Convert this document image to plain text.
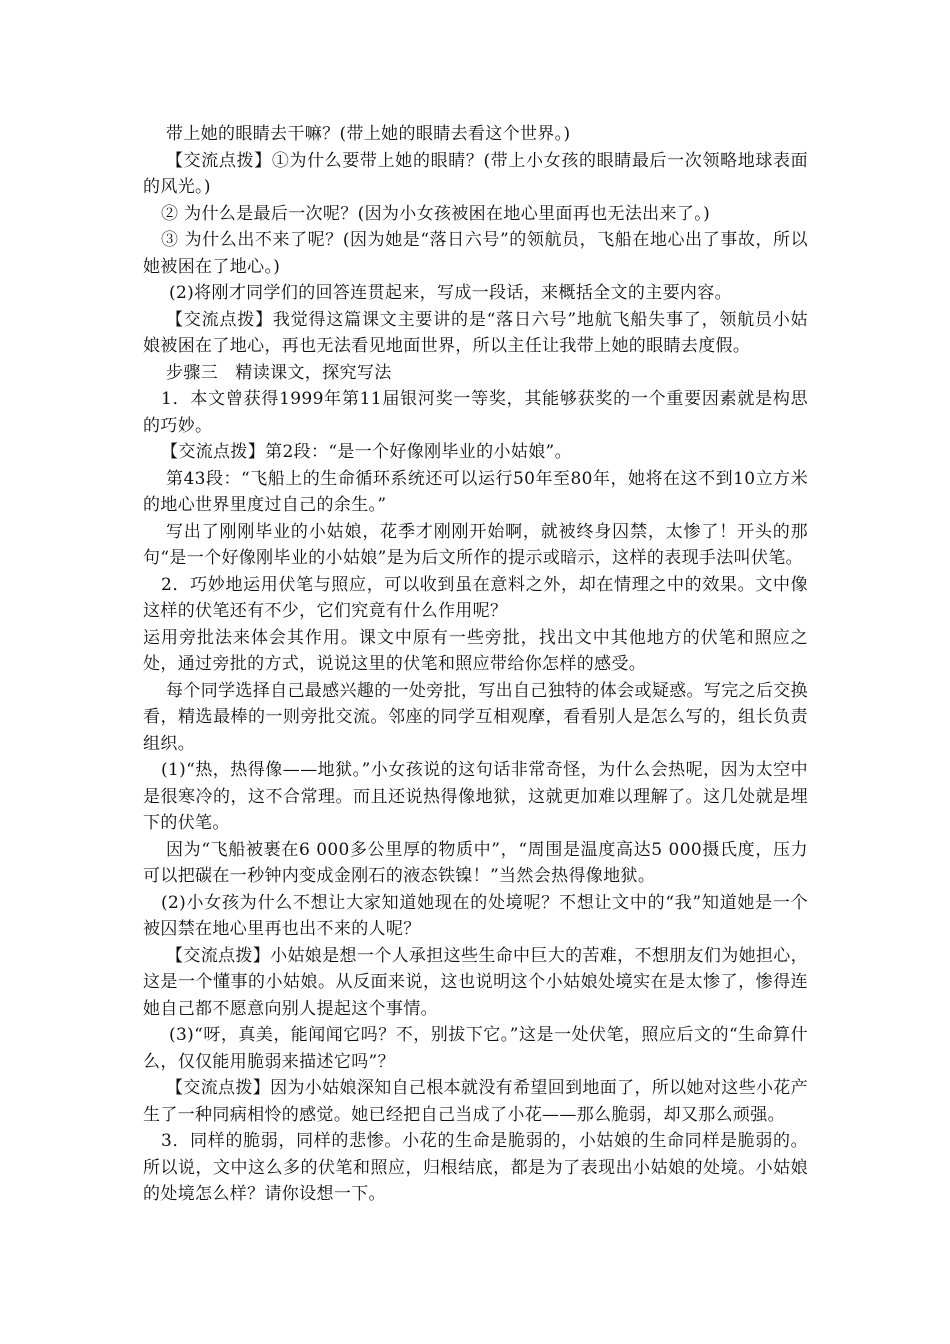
带上她的眼睛去干嘛？(带上她的眼睛去看这个世界。)

【交流点拨】①为什么要带上她的眼睛？(带上小女孩的眼睛最后一次领略地球表面的风光。)

② 为什么是最后一次呢？(因为小女孩被困在地心里面再也无法出来了。)

③ 为什么出不来了呢？(因为她是“落日六号”的领航员，飞船在地心出了事故，所以她被困在了地心。)

(2)将刚才同学们的回答连贯起来，写成一段话，来概括全文的主要内容。

【交流点拨】我觉得这篇课文主要讲的是“落日六号”地航飞船失事了，领航员小姑娘被困在了地心，再也无法看见地面世界，所以主任让我带上她的眼睛去度假。

步骤三　精读课文，探究写法

1．本文曾获得1999年第11届银河奖一等奖，其能够获奖的一个重要因素就是构思的巧妙。

【交流点拨】第2段：“是一个好像刚毕业的小姑娘”。

第43段：“飞船上的生命循环系统还可以运行50年至80年，她将在这不到10立方米的地心世界里度过自己的余生。”

写出了刚刚毕业的小姑娘，花季才刚刚开始啊，就被终身囚禁，太惨了！开头的那句“是一个好像刚毕业的小姑娘”是为后文所作的提示或暗示，这样的表现手法叫伏笔。

2．巧妙地运用伏笔与照应，可以收到虽在意料之外，却在情理之中的效果。文中像这样的伏笔还有不少，它们究竟有什么作用呢？

运用旁批法来体会其作用。课文中原有一些旁批，找出文中其他地方的伏笔和照应之处，通过旁批的方式，说说这里的伏笔和照应带给你怎样的感受。

每个同学选择自己最感兴趣的一处旁批，写出自己独特的体会或疑惑。写完之后交换看，精选最棒的一则旁批交流。邻座的同学互相观摩，看看别人是怎么写的，组长负责组织。

(1)“热，热得像——地狱。”小女孩说的这句话非常奇怪，为什么会热呢，因为太空中是很寒冷的，这不合常理。而且还说热得像地狱，这就更加难以理解了。这几处就是埋下的伏笔。

因为“飞船被裹在6 000多公里厚的物质中”，“周围是温度高达5 000摄氏度，压力可以把碳在一秒钟内变成金刚石的液态铁镍！”当然会热得像地狱。

(2)小女孩为什么不想让大家知道她现在的处境呢？不想让文中的“我”知道她是一个被囚禁在地心里再也出不来的人呢？

【交流点拨】小姑娘是想一个人承担这些生命中巨大的苦难，不想朋友们为她担心，这是一个懂事的小姑娘。从反面来说，这也说明这个小姑娘处境实在是太惨了，惨得连她自己都不愿意向别人提起这个事情。

(3)“呀，真美，能闻闻它吗？不，别拔下它。”这是一处伏笔，照应后文的“生命算什么，仅仅能用脆弱来描述它吗”？

【交流点拨】因为小姑娘深知自己根本就没有希望回到地面了，所以她对这些小花产生了一种同病相怜的感觉。她已经把自己当成了小花——那么脆弱，却又那么顽强。

3．同样的脆弱，同样的悲惨。小花的生命是脆弱的，小姑娘的生命同样是脆弱的。所以说，文中这么多的伏笔和照应，归根结底，都是为了表现出小姑娘的处境。小姑娘的处境怎么样？请你设想一下。
